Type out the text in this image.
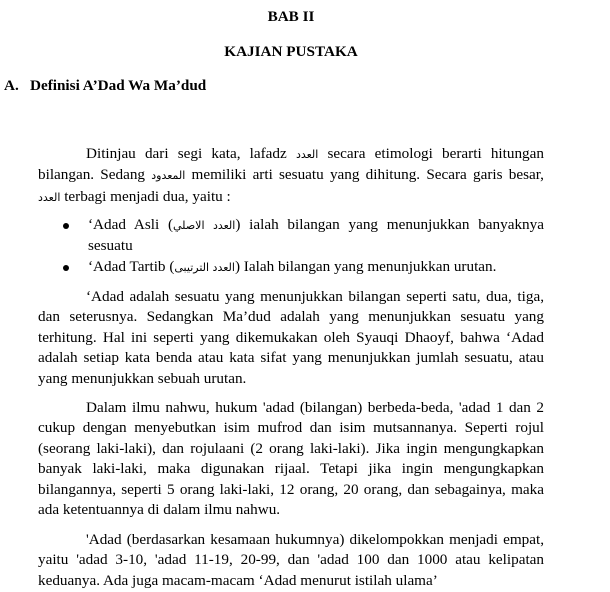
BAB II
KAJIAN PUSTAKA
A. Definisi A’Dad Wa Ma’dud

Ditinjau dari segi kata, lafadz العدد secara etimologi berarti hitungan bilangan. Sedang المعدود memiliki arti sesuatu yang dihitung. Secara garis besar, العدد terbagi menjadi dua, yaitu :

‘Adad Asli (العدد الاصلي) ialah bilangan yang menunjukkan banyaknya sesuatu
‘Adad Tartib (العدد الترتيبى) Ialah bilangan yang menunjukkan urutan.

‘Adad adalah sesuatu yang menunjukkan bilangan seperti satu, dua, tiga, dan seterusnya. Sedangkan Ma’dud adalah yang menunjukkan sesuatu yang terhitung. Hal ini seperti yang dikemukakan oleh Syauqi Dhaoyf, bahwa ‘Adad adalah setiap kata benda atau kata sifat yang menunjukkan jumlah sesuatu, atau yang menunjukkan sebuah urutan.

Dalam ilmu nahwu, hukum 'adad (bilangan) berbeda-beda, 'adad 1 dan 2 cukup dengan menyebutkan isim mufrod dan isim mutsannanya. Seperti rojul (seorang laki-laki), dan rojulaani (2 orang laki-laki). Jika ingin mengungkapkan banyak laki-laki, maka digunakan rijaal. Tetapi jika ingin mengungkapkan bilangannya, seperti 5 orang laki-laki, 12 orang, 20 orang, dan sebagainya, maka ada ketentuannya di dalam ilmu nahwu.

'Adad (berdasarkan kesamaan hukumnya) dikelompokkan menjadi empat, yaitu 'adad 3-10, 'adad 11-19, 20-99, dan 'adad 100 dan 1000 atau kelipatan keduanya. Ada juga macam-macam ‘Adad menurut istilah ulama’
